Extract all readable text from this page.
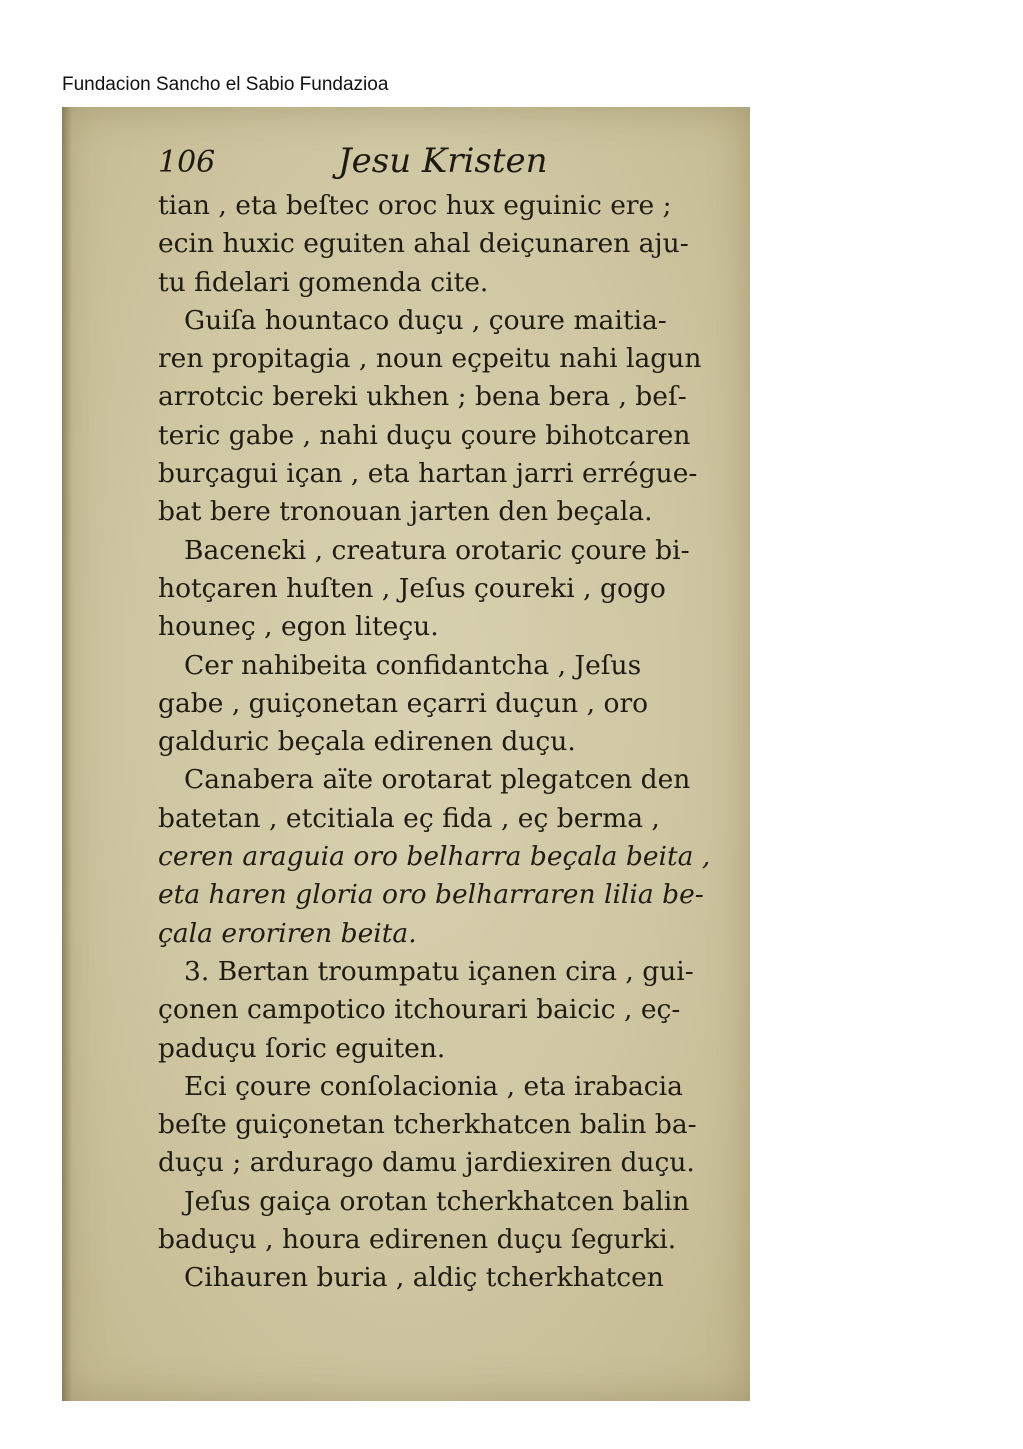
Fundacion Sancho el Sabio Fundazioa
106	Jesu Kristen
tian , eta beſtec oroc hux eguinic ere ;
ecin huxic eguiten ahal deiçunaren aju-
tu fidelari gomenda cite.
Guiſa hountaco duçu , çoure maitia-
ren propitagia , noun eçpeitu nahi lagun
arrotcic bereki ukhen ; bena bera , beſ-
teric gabe , nahi duçu çoure bihotcaren
burçagui içan , eta hartan jarri errégue-
bat bere tronouan jarten den beçala.
Bacenєki , creatura orotaric çoure bi-
hotçaren huſten , Jeſus çoureki , gogo
houneç , egon liteçu.
Cer nahibeita confidantcha , Jeſus
gabe , guiçonetan eçarri duçun , oro
galduric beçala edirenen duçu.
Canabera aïte orotarat plegatcen den
batetan , etcitiala eç fida , eç berma ,
ceren araguia oro belharra beçala beita ,
eta haren gloria oro belharraren lilia be-
çala eroriren beita.
3. Bertan troumpatu içanen cira , gui-
çonen campotico itchourari baicic , eç-
paduçu ſoric eguiten.
Eci çoure conſolacionia , eta irabacia
beſte guiçonetan tcherkhatcen balin ba-
duçu ; ardurago damu jardiexiren duçu.
Jeſus gaiça orotan tcherkhatcen balin
baduçu , houra edirenen duçu ſegurki.
Cihauren buria , aldiç tcherkhatcen
